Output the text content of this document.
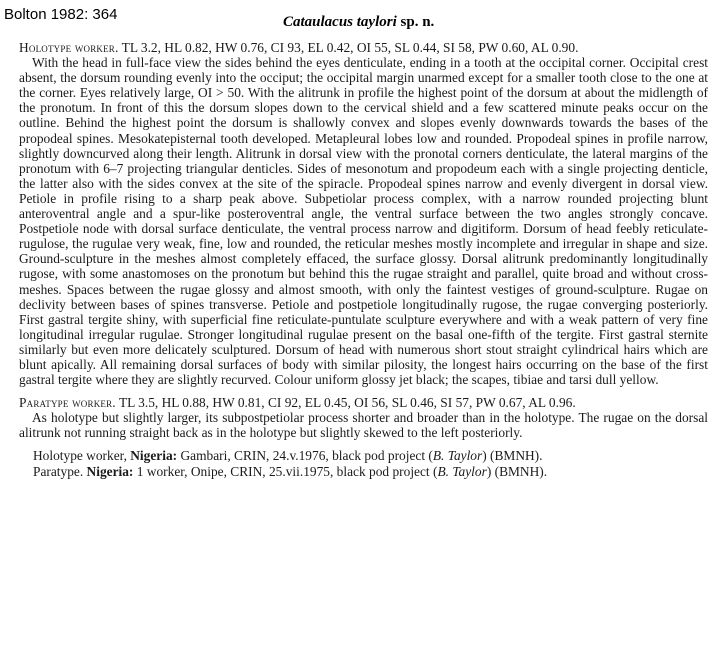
Bolton 1982: 364	Cataulacus taylori sp. n.

Holotype worker. TL 3.2, HL 0.82, HW 0.76, CI 93, EL 0.42, OI 55, SL 0.44, SI 58, PW 0.60, AL 0.90.

With the head in full-face view the sides behind the eyes denticulate, ending in a tooth at the occipital corner. Occipital crest absent, the dorsum rounding evenly into the occiput; the occipital margin unarmed except for a smaller tooth close to the one at the corner. Eyes relatively large, OI > 50. With the alitrunk in profile the highest point of the dorsum at about the midlength of the pronotum. In front of this the dorsum slopes down to the cervical shield and a few scattered minute peaks occur on the outline. Behind the highest point the dorsum is shallowly convex and slopes evenly downwards towards the bases of the propodeal spines. Mesokatepisternal tooth developed. Metapleural lobes low and rounded. Propodeal spines in profile narrow, slightly downcurved along their length. Alitrunk in dorsal view with the pronotal corners denticulate, the lateral margins of the pronotum with 6–7 projecting triangular denticles. Sides of mesonotum and propodeum each with a single projecting denticle, the latter also with the sides convex at the site of the spiracle. Propodeal spines narrow and evenly divergent in dorsal view. Petiole in profile rising to a sharp peak above. Subpetiolar process complex, with a narrow rounded projecting blunt anteroventral angle and a spur-like posteroventral angle, the ventral surface between the two angles strongly concave. Postpetiole node with dorsal surface denticulate, the ventral process narrow and digitiform. Dorsum of head feebly reticulate-rugulose, the rugulae very weak, fine, low and rounded, the reticular meshes mostly incomplete and irregular in shape and size. Ground-sculpture in the meshes almost completely effaced, the surface glossy. Dorsal alitrunk predominantly longitudinally rugose, with some anastomoses on the pronotum but behind this the rugae straight and parallel, quite broad and without cross-meshes. Spaces between the rugae glossy and almost smooth, with only the faintest vestiges of ground-sculpture. Rugae on declivity between bases of spines transverse. Petiole and postpetiole longitudinally rugose, the rugae converging posteriorly. First gastral tergite shiny, with superficial fine reticulate-puntulate sculpture everywhere and with a weak pattern of very fine longitudinal irregular rugulae. Stronger longitudinal rugulae present on the basal one-fifth of the tergite. First gastral sternite similarly but even more delicately sculptured. Dorsum of head with numerous short stout straight cylindrical hairs which are blunt apically. All remaining dorsal surfaces of body with similar pilosity, the longest hairs occurring on the base of the first gastral tergite where they are slightly recurved. Colour uniform glossy jet black; the scapes, tibiae and tarsi dull yellow.

Paratype worker. TL 3.5, HL 0.88, HW 0.81, CI 92, EL 0.45, OI 56, SL 0.46, SI 57, PW 0.67, AL 0.96.

As holotype but slightly larger, its subpostpetiolar process shorter and broader than in the holotype. The rugae on the dorsal alitrunk not running straight back as in the holotype but slightly skewed to the left posteriorly.

Holotype worker, Nigeria: Gambari, CRIN, 24.v.1976, black pod project (B. Taylor) (BMNH).

Paratype. Nigeria: 1 worker, Onipe, CRIN, 25.vii.1975, black pod project (B. Taylor) (BMNH).
